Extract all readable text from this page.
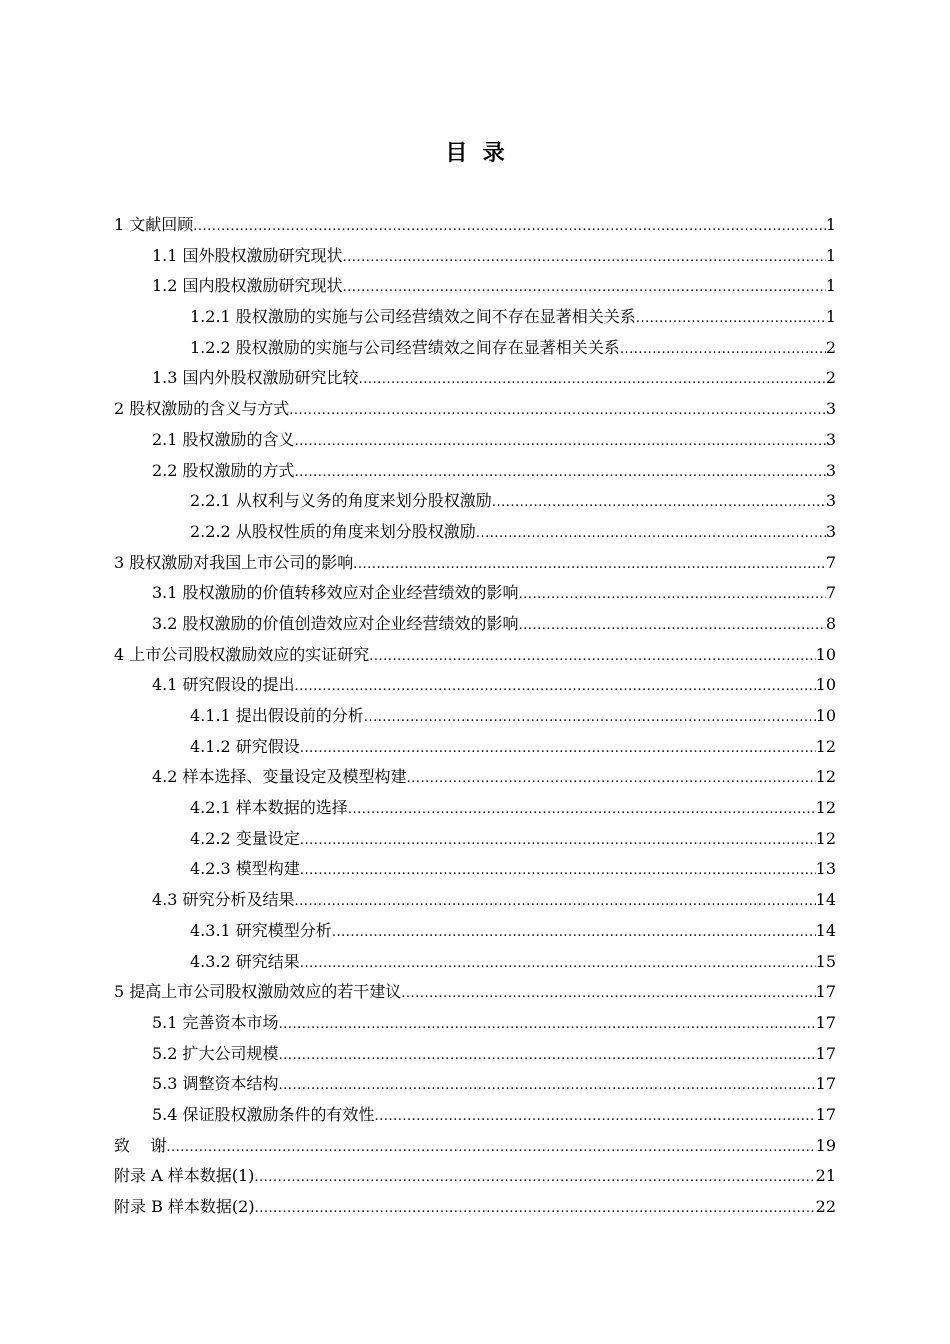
目  录
1 文献回顾 .....	1
1.1 国外股权激励研究现状 .....	1
1.2 国内股权激励研究现状 .....	1
1.2.1 股权激励的实施与公司经营绩效之间不存在显著相关关系 .....	1
1.2.2 股权激励的实施与公司经营绩效之间存在显著相关关系 .....	2
1.3 国内外股权激励研究比较 .....	2
2 股权激励的含义与方式 .....	3
2.1 股权激励的含义 .....	3
2.2 股权激励的方式 .....	3
2.2.1 从权利与义务的角度来划分股权激励 .....	3
2.2.2 从股权性质的角度来划分股权激励 .....	3
3 股权激励对我国上市公司的影响 .....	7
3.1 股权激励的价值转移效应对企业经营绩效的影响 .....	7
3.2 股权激励的价值创造效应对企业经营绩效的影响 .....	8
4 上市公司股权激励效应的实证研究 .....	10
4.1 研究假设的提出 .....	10
4.1.1 提出假设前的分析 .....	10
4.1.2 研究假设 .....	12
4.2 样本选择、变量设定及模型构建 .....	12
4.2.1 样本数据的选择 .....	12
4.2.2 变量设定 .....	12
4.2.3 模型构建 .....	13
4.3 研究分析及结果 .....	14
4.3.1 研究模型分析 .....	14
4.3.2 研究结果 .....	15
5 提高上市公司股权激励效应的若干建议 .....	17
5.1 完善资本市场 .....	17
5.2 扩大公司规模 .....	17
5.3 调整资本结构 .....	17
5.4 保证股权激励条件的有效性 .....	17
致    谢 .....	19
附录 A 样本数据(1) .....	21
附录 B 样本数据(2) .....	22
